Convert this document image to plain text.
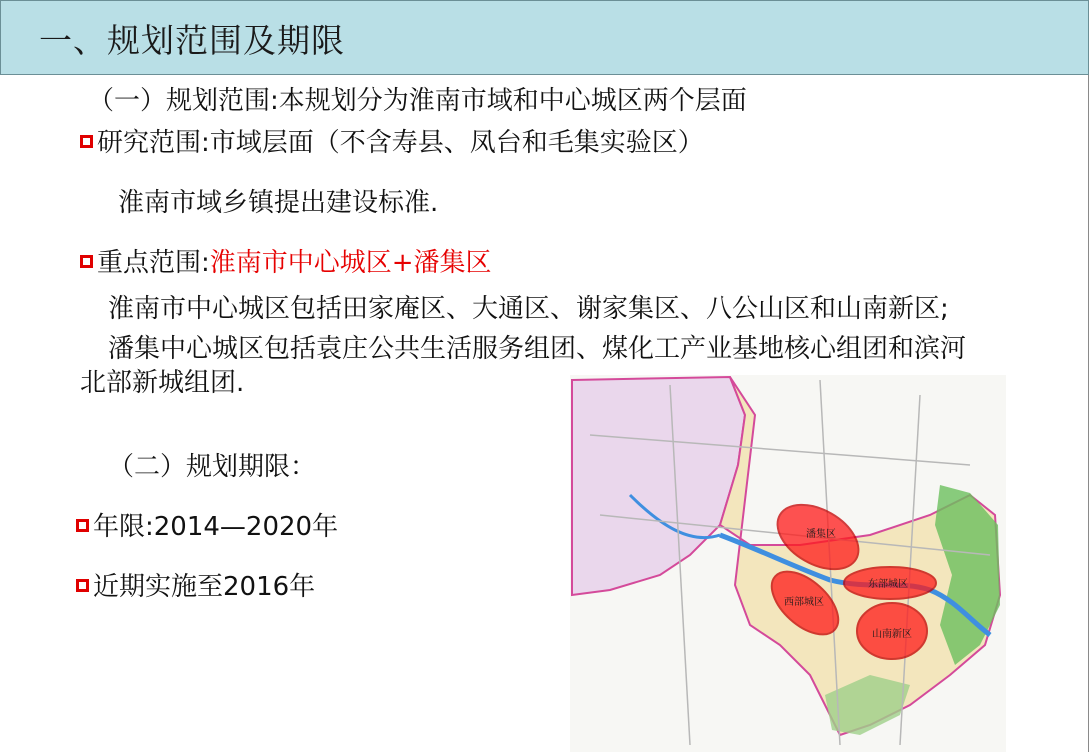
一、规划范围及期限
（一）规划范围:本规划分为淮南市域和中心城区两个层面
研究范围:市域层面（不含寿县、凤台和毛集实验区）
淮南市域乡镇提出建设标准.
重点范围:淮南市中心城区+潘集区
淮南市中心城区包括田家庵区、大通区、谢家集区、八公山区和山南新区;
潘集中心城区包括袁庄公共生活服务组团、煤化工产业基地核心组团和滨河
北部新城组团.
（二）规划期限：
年限:2014—2020年
近期实施至2016年
潘集区
东部城区
西部城区
山南新区
